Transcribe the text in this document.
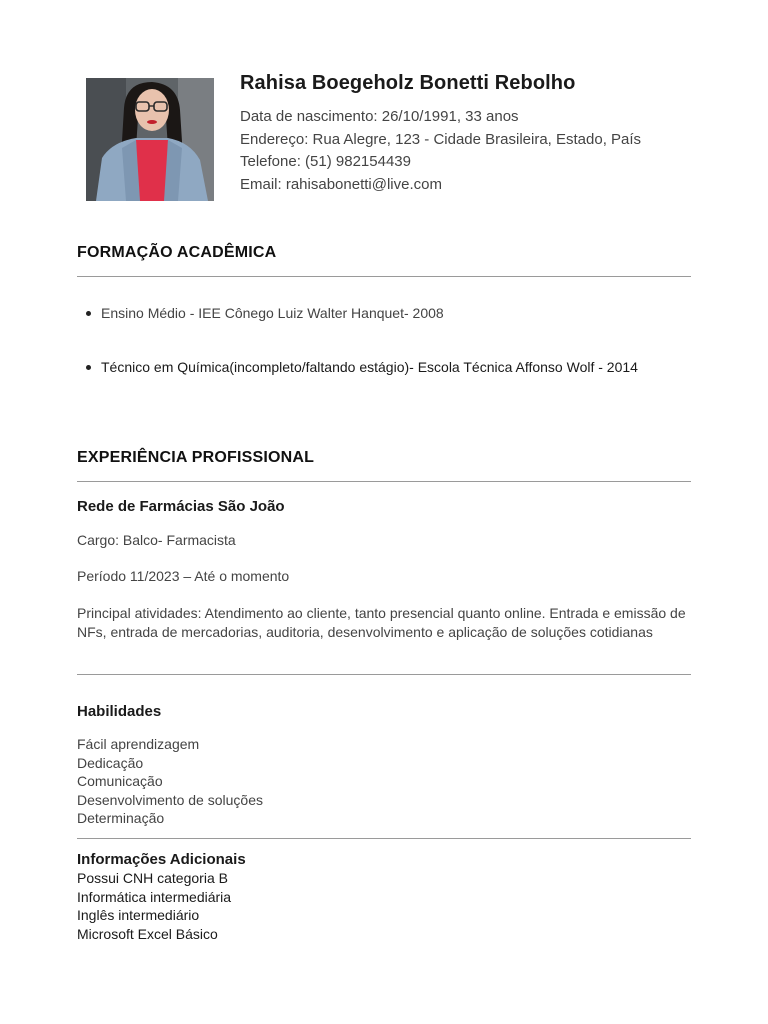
Rahisa Boegeholz Bonetti Rebolho
Data de nascimento: 26/10/1991, 33 anos
Endereço: Rua Alegre, 123 - Cidade Brasileira, Estado, País
Telefone: (51) 982154439
Email: rahisabonetti@live.com
FORMAÇÃO ACADÊMICA
Ensino Médio - IEE Cônego Luiz Walter Hanquet- 2008
Técnico em Química(incompleto/faltando estágio)- Escola Técnica Affonso Wolf - 2014
EXPERIÊNCIA PROFISSIONAL
Rede de Farmácias São João
Cargo: Balco- Farmacista
Período 11/2023 – Até o momento
Principal atividades: Atendimento ao cliente, tanto presencial quanto online. Entrada e emissão de NFs, entrada de mercadorias, auditoria, desenvolvimento e aplicação de soluções cotidianas
Habilidades
Fácil aprendizagem
Dedicação
Comunicação
Desenvolvimento de soluções
Determinação
Informações Adicionais
Possui CNH categoria B
Informática intermediária
Inglês intermediário
Microsoft Excel Básico
